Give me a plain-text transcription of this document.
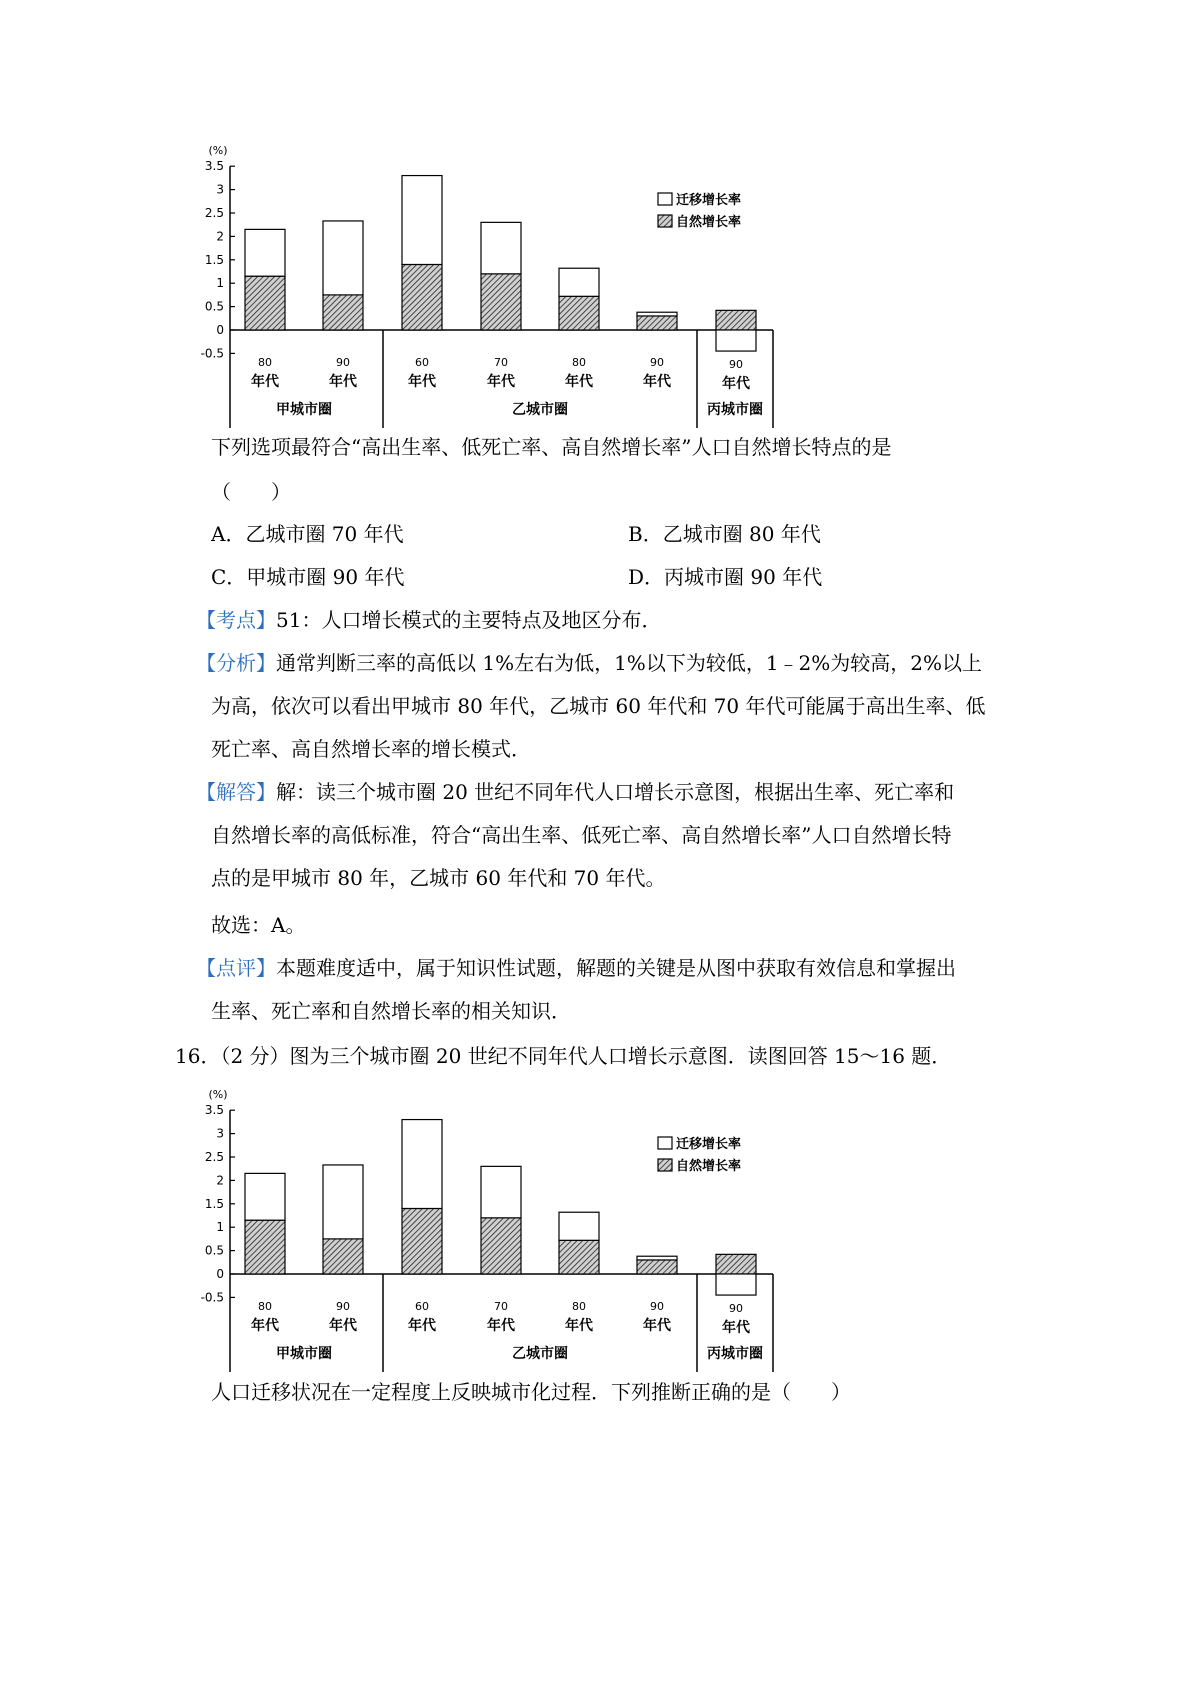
(%)
3.5
3
2.5
2
1.5
1
0.5
0
-0.5
80
年代
90
年代
60
年代
70
年代
80
年代
90
年代
90
年代
甲城市圈	乙城市圈	丙城市圈
迁移增长率
自然增长率
下列选项最符合“高出生率、低死亡率、高自然增长率”人口自然增长特点的是
（　　）
A．乙城市圈 70 年代	B．乙城市圈 80 年代
C．甲城市圈 90 年代	D．丙城市圈 90 年代
【考点】51：人口增长模式的主要特点及地区分布．
【分析】通常判断三率的高低以 1%左右为低，1%以下为较低，1﹣2%为较高，2%以上
为高，依次可以看出甲城市 80 年代，乙城市 60 年代和 70 年代可能属于高出生率、低
死亡率、高自然增长率的增长模式．
【解答】解：读三个城市圈 20 世纪不同年代人口增长示意图，根据出生率、死亡率和
自然增长率的高低标准，符合“高出生率、低死亡率、高自然增长率”人口自然增长特
点的是甲城市 80 年，乙城市 60 年代和 70 年代。
故选：A。
【点评】本题难度适中，属于知识性试题，解题的关键是从图中获取有效信息和掌握出
生率、死亡率和自然增长率的相关知识．
16．（2 分）图为三个城市圈 20 世纪不同年代人口增长示意图．读图回答 15～16 题．
(%)
3.5
3
2.5
2
1.5
1
0.5
0
-0.5
80
年代
90
年代
60
年代
70
年代
80
年代
90
年代
90
年代
甲城市圈	乙城市圈	丙城市圈
迁移增长率
自然增长率
人口迁移状况在一定程度上反映城市化过程．下列推断正确的是（　　）
